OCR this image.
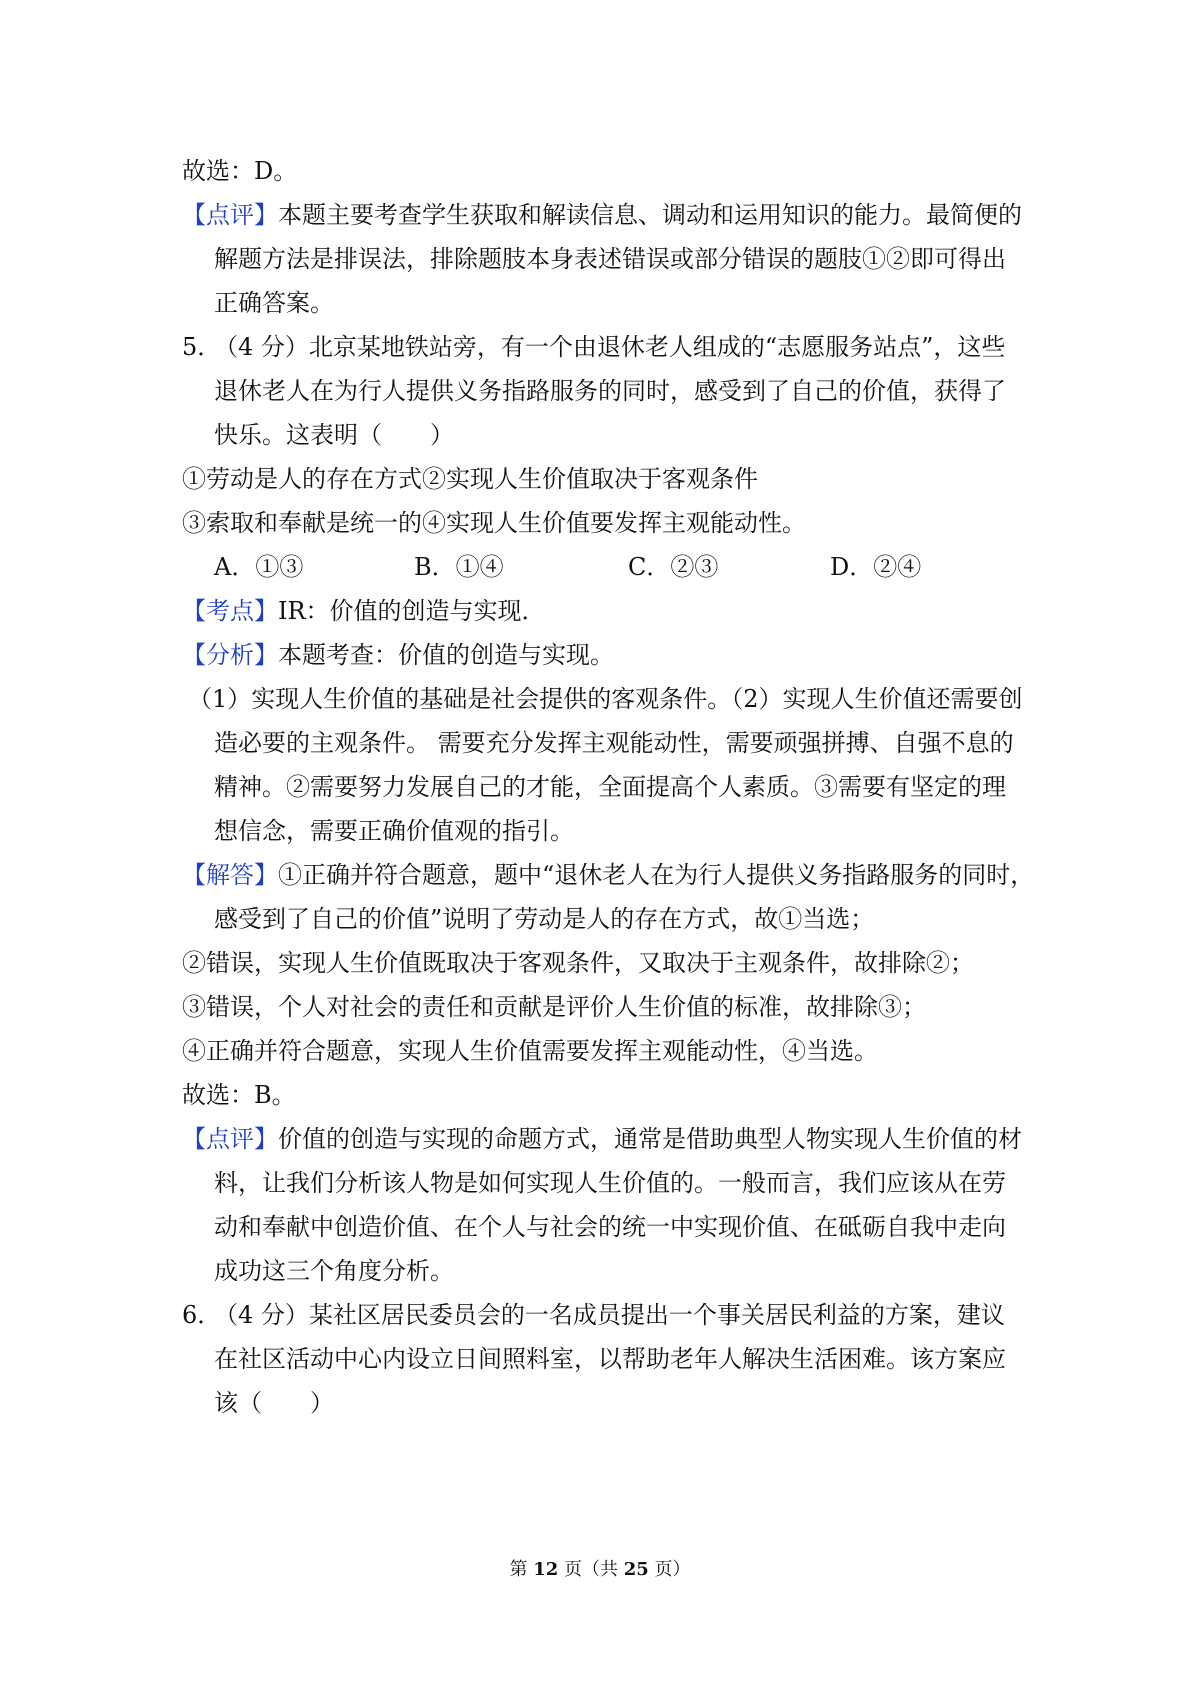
故选：D。
【点评】本题主要考查学生获取和解读信息、调动和运用知识的能力。最简便的
解题方法是排误法，排除题肢本身表述错误或部分错误的题肢①②即可得出
正确答案。
5．（4 分）北京某地铁站旁，有一个由退休老人组成的“志愿服务站点”，这些
退休老人在为行人提供义务指路服务的同时，感受到了自己的价值，获得了
快乐。这表明（　　）
①劳动是人的存在方式②实现人生价值取决于客观条件
③索取和奉献是统一的④实现人生价值要发挥主观能动性。
A．①③	B．①④	C．②③	D．②④
【考点】IR：价值的创造与实现．
【分析】本题考查：价值的创造与实现。
（1）实现人生价值的基础是社会提供的客观条件。（2）实现人生价值还需要创
造必要的主观条件。 需要充分发挥主观能动性，需要顽强拼搏、自强不息的
精神。②需要努力发展自己的才能，全面提高个人素质。③需要有坚定的理
想信念，需要正确价值观的指引。
【解答】①正确并符合题意，题中“退休老人在为行人提供义务指路服务的同时，
感受到了自己的价值”说明了劳动是人的存在方式，故①当选；
②错误，实现人生价值既取决于客观条件，又取决于主观条件，故排除②；
③错误，个人对社会的责任和贡献是评价人生价值的标准，故排除③；
④正确并符合题意，实现人生价值需要发挥主观能动性，④当选。
故选：B。
【点评】价值的创造与实现的命题方式，通常是借助典型人物实现人生价值的材
料，让我们分析该人物是如何实现人生价值的。一般而言，我们应该从在劳
动和奉献中创造价值、在个人与社会的统一中实现价值、在砥砺自我中走向
成功这三个角度分析。
6．（4 分）某社区居民委员会的一名成员提出一个事关居民利益的方案，建议
在社区活动中心内设立日间照料室，以帮助老年人解决生活困难。该方案应
该（　　）
第 12 页（共 25 页）
